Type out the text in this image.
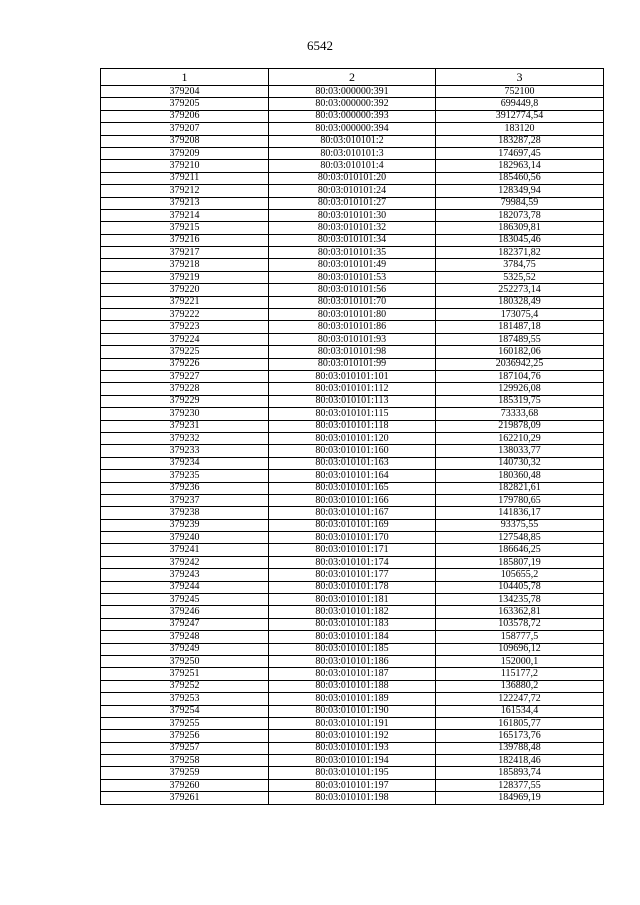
6542
1	2	3
379204	80:03:000000:391	752100
379205	80:03:000000:392	699449,8
379206	80:03:000000:393	3912774,54
379207	80:03:000000:394	183120
379208	80:03:010101:2	183287,28
379209	80:03:010101:3	174697,45
379210	80:03:010101:4	182963,14
379211	80:03:010101:20	185460,56
379212	80:03:010101:24	128349,94
379213	80:03:010101:27	79984,59
379214	80:03:010101:30	182073,78
379215	80:03:010101:32	186309,81
379216	80:03:010101:34	183045,46
379217	80:03:010101:35	182371,82
379218	80:03:010101:49	3784,75
379219	80:03:010101:53	5325,52
379220	80:03:010101:56	252273,14
379221	80:03:010101:70	180328,49
379222	80:03:010101:80	173075,4
379223	80:03:010101:86	181487,18
379224	80:03:010101:93	187489,55
379225	80:03:010101:98	160182,06
379226	80:03:010101:99	2036942,25
379227	80:03:010101:101	187104,76
379228	80:03:010101:112	129926,08
379229	80:03:010101:113	185319,75
379230	80:03:010101:115	73333,68
379231	80:03:010101:118	219878,09
379232	80:03:010101:120	162210,29
379233	80:03:010101:160	138033,77
379234	80:03:010101:163	140730,32
379235	80:03:010101:164	180360,48
379236	80:03:010101:165	182821,61
379237	80:03:010101:166	179780,65
379238	80:03:010101:167	141836,17
379239	80:03:010101:169	93375,55
379240	80:03:010101:170	127548,85
379241	80:03:010101:171	186646,25
379242	80:03:010101:174	185807,19
379243	80:03:010101:177	105655,2
379244	80:03:010101:178	104405,78
379245	80:03:010101:181	134235,78
379246	80:03:010101:182	163362,81
379247	80:03:010101:183	103578,72
379248	80:03:010101:184	158777,5
379249	80:03:010101:185	109696,12
379250	80:03:010101:186	152000,1
379251	80:03:010101:187	115177,2
379252	80:03:010101:188	136880,2
379253	80:03:010101:189	122247,72
379254	80:03:010101:190	161534,4
379255	80:03:010101:191	161805,77
379256	80:03:010101:192	165173,76
379257	80:03:010101:193	139788,48
379258	80:03:010101:194	182418,46
379259	80:03:010101:195	185893,74
379260	80:03:010101:197	128377,55
379261	80:03:010101:198	184969,19
